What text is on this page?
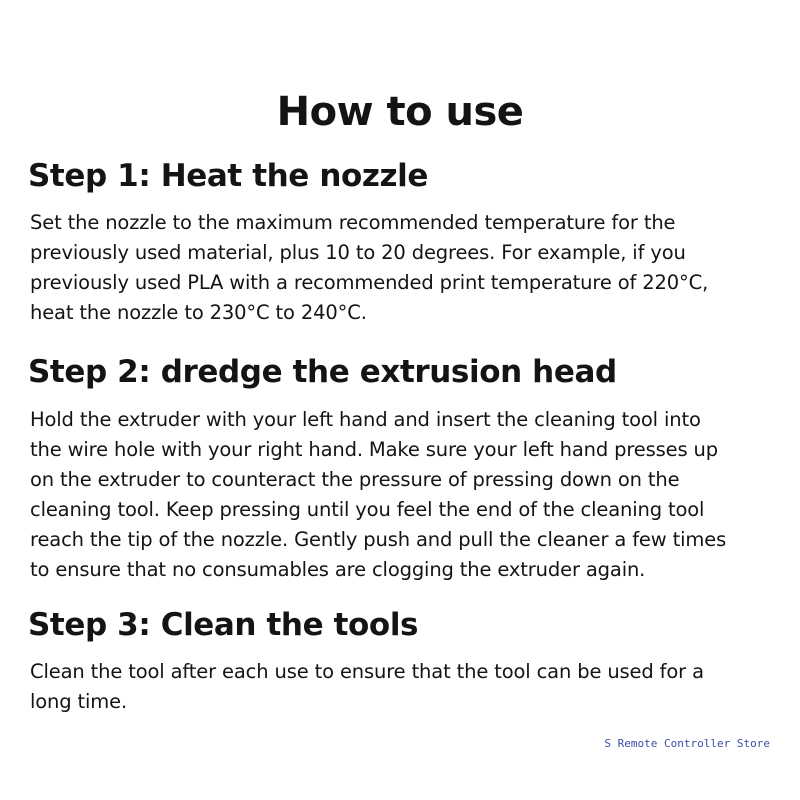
How to use
Step 1: Heat the nozzle

Set the nozzle to the maximum recommended temperature for the
previously used material, plus 10 to 20 degrees. For example, if you
previously used PLA with a recommended print temperature of 220°C,
heat the nozzle to 230°C to 240°C.

Step 2: dredge the extrusion head

Hold the extruder with your left hand and insert the cleaning tool into
the wire hole with your right hand. Make sure your left hand presses up
on the extruder to counteract the pressure of pressing down on the
cleaning tool. Keep pressing until you feel the end of the cleaning tool
reach the tip of the nozzle. Gently push and pull the cleaner a few times
to ensure that no consumables are clogging the extruder again.

Step 3: Clean the tools

Clean the tool after each use to ensure that the tool can be used for a
long time.

S Remote Controller Store
